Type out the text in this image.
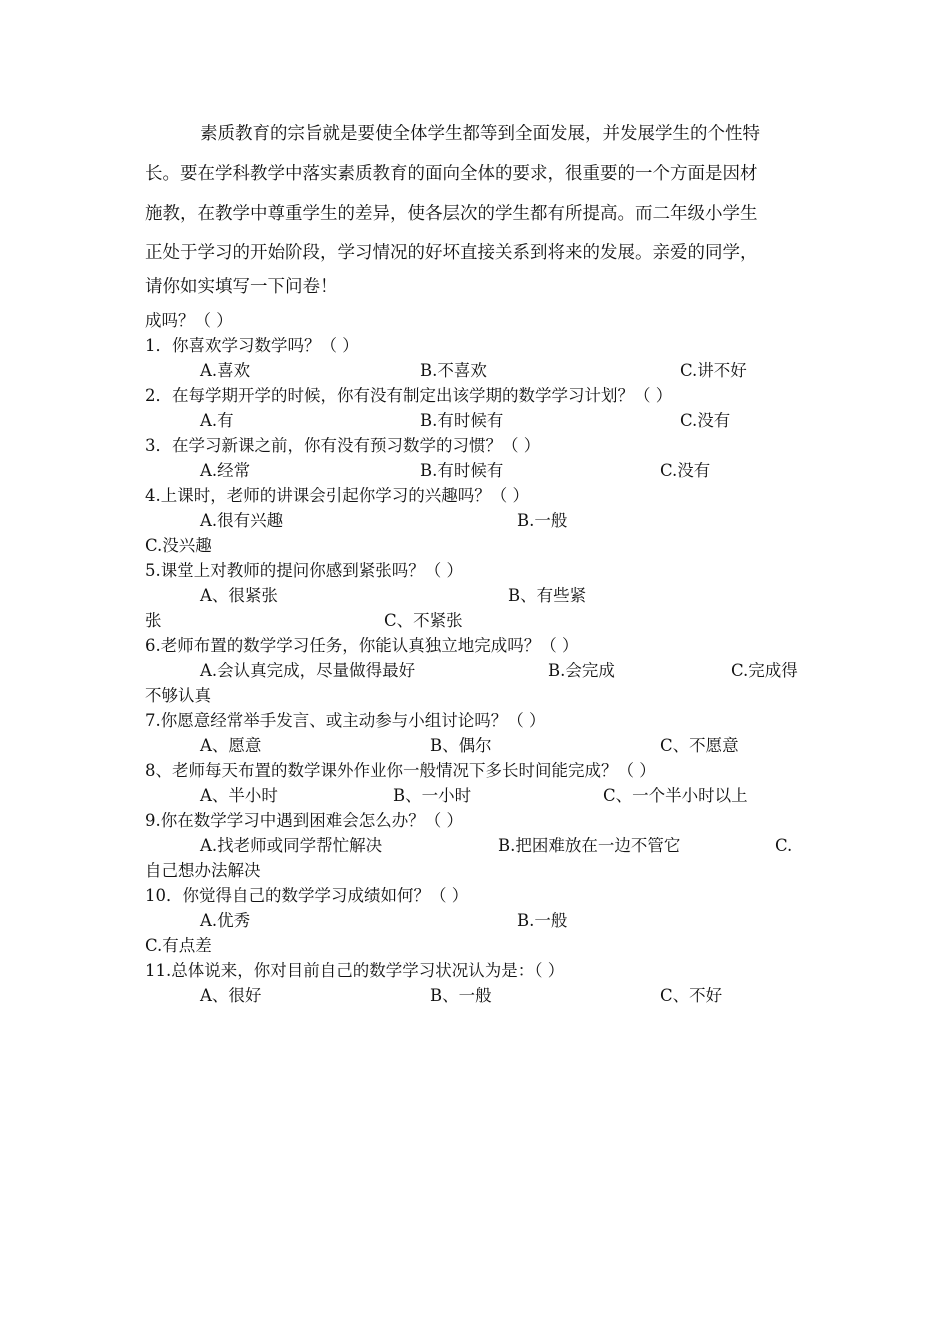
素质教育的宗旨就是要使全体学生都等到全面发展，并发展学生的个性特
长。要在学科教学中落实素质教育的面向全体的要求，很重要的一个方面是因材
施教，在教学中尊重学生的差异，使各层次的学生都有所提高。而二年级小学生
正处于学习的开始阶段，学习情况的好坏直接关系到将来的发展。亲爱的同学，
请你如实填写一下问卷！
成吗？（ ）
1．你喜欢学习数学吗？（ ）
A.喜欢	B.不喜欢	C.讲不好
2．在每学期开学的时候，你有没有制定出该学期的数学学习计划？（ ）
A.有	B.有时候有	C.没有
3．在学习新课之前，你有没有预习数学的习惯？（ ）
A.经常	B.有时候有	C.没有
4.上课时，老师的讲课会引起你学习的兴趣吗？（ ）
A.很有兴趣	B.一般
C.没兴趣
5.课堂上对教师的提问你感到紧张吗？（ ）
A、很紧张	B、有些紧
张	C、不紧张
6.老师布置的数学学习任务，你能认真独立地完成吗？（ ）
A.会认真完成，尽量做得最好	B.会完成	C.完成得
不够认真
7.你愿意经常举手发言、或主动参与小组讨论吗？（ ）
A、愿意	B、偶尔	C、不愿意
8、老师每天布置的数学课外作业你一般情况下多长时间能完成？（ ）
A、半小时	B、一小时	C、一个半小时以上
9.你在数学学习中遇到困难会怎么办？（ ）
A.找老师或同学帮忙解决	B.把困难放在一边不管它	C.
自己想办法解决
10．你觉得自己的数学学习成绩如何？（ ）
A.优秀	B.一般
C.有点差
11.总体说来，你对目前自己的数学学习状况认为是：（ ）
A、很好	B、一般	C、不好
